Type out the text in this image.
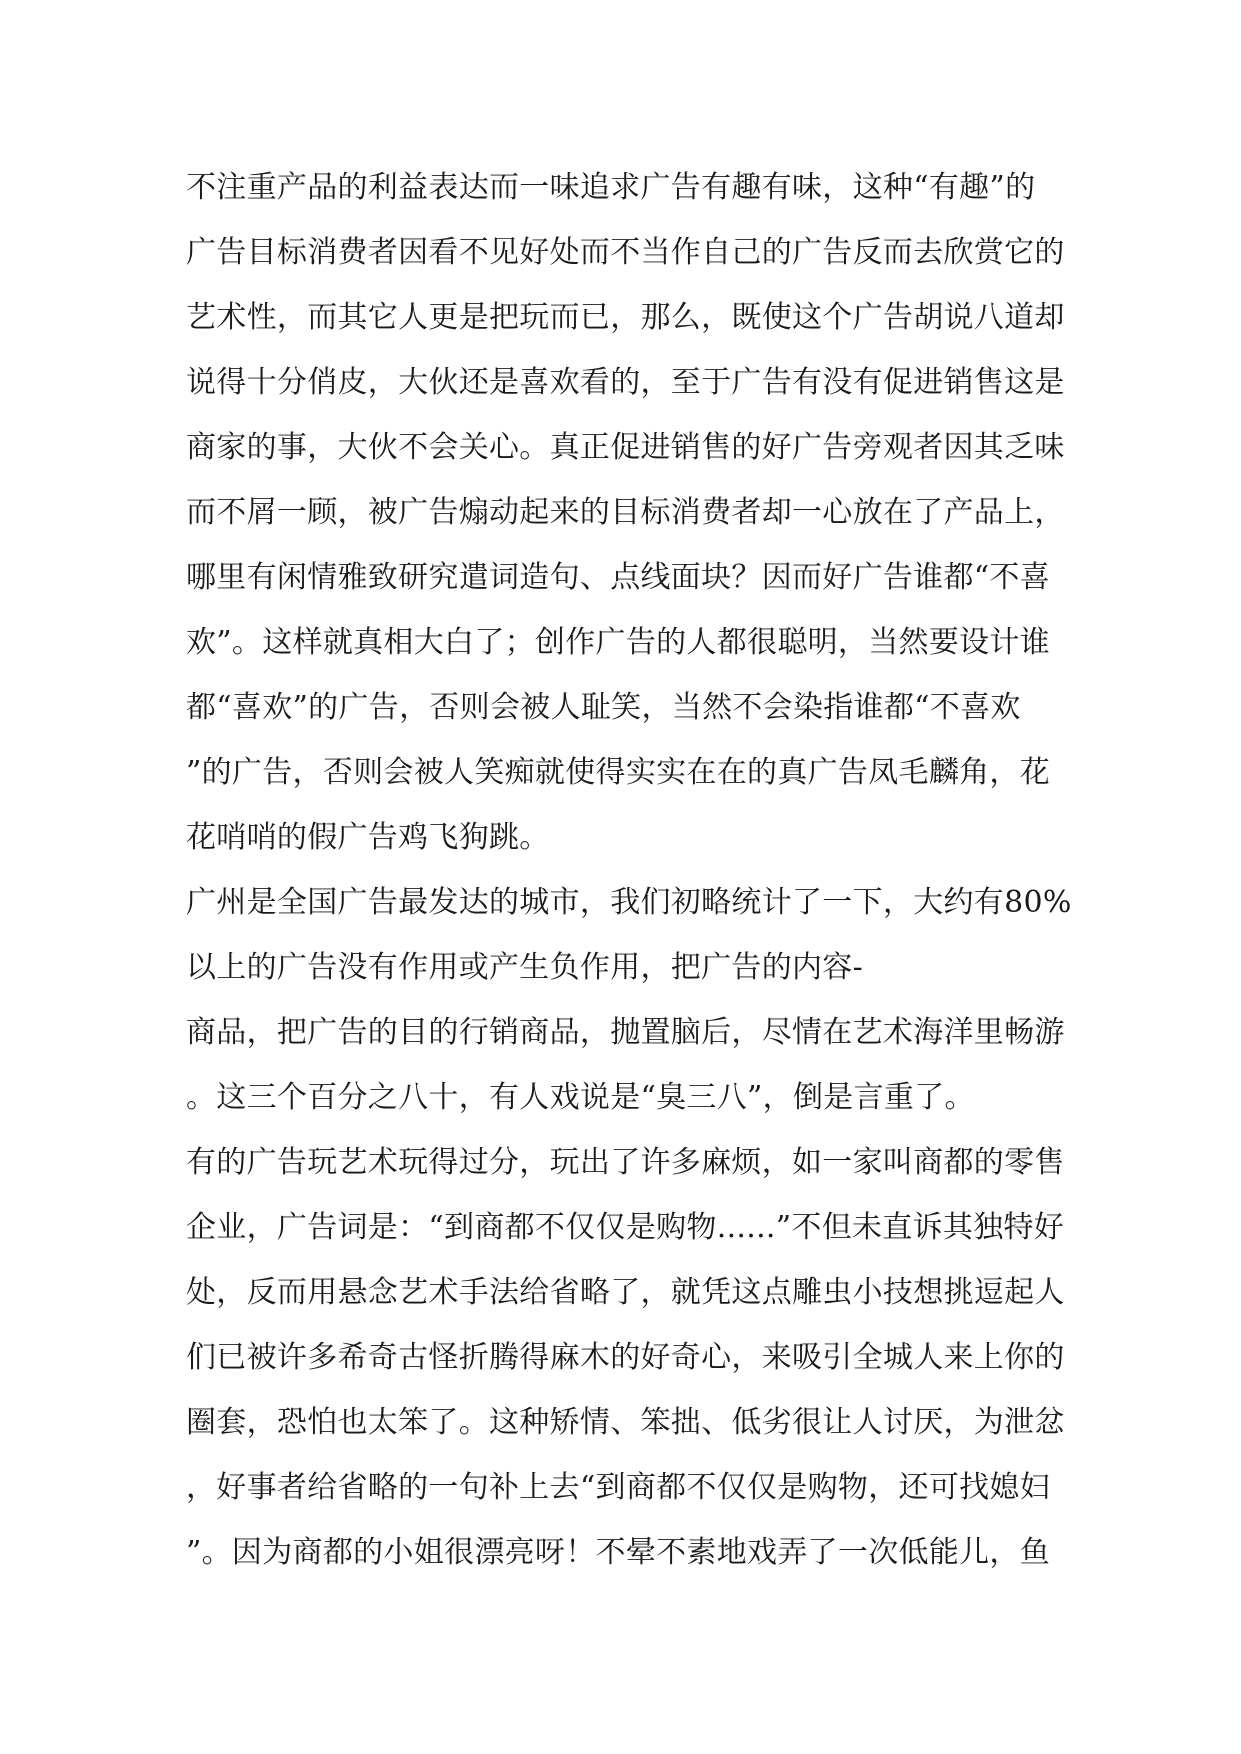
不注重产品的利益表达而一味追求广告有趣有味，这种“有趣”的
广告目标消费者因看不见好处而不当作自己的广告反而去欣赏它的
艺术性，而其它人更是把玩而已，那么，既使这个广告胡说八道却
说得十分俏皮，大伙还是喜欢看的，至于广告有没有促进销售这是
商家的事，大伙不会关心。真正促进销售的好广告旁观者因其乏味
而不屑一顾，被广告煽动起来的目标消费者却一心放在了产品上，
哪里有闲情雅致研究遣词造句、点线面块？因而好广告谁都“不喜
欢”。这样就真相大白了；创作广告的人都很聪明，当然要设计谁
都“喜欢”的广告，否则会被人耻笑，当然不会染指谁都“不喜欢
”的广告，否则会被人笑痴就使得实实在在的真广告凤毛麟角，花
花哨哨的假广告鸡飞狗跳。
广州是全国广告最发达的城市，我们初略统计了一下，大约有80%
以上的广告没有作用或产生负作用，把广告的内容-
商品，把广告的目的行销商品，抛置脑后，尽情在艺术海洋里畅游
。这三个百分之八十，有人戏说是“臭三八”，倒是言重了。
有的广告玩艺术玩得过分，玩出了许多麻烦，如一家叫商都的零售
企业，广告词是：“到商都不仅仅是购物......”不但未直诉其独特好
处，反而用悬念艺术手法给省略了，就凭这点雕虫小技想挑逗起人
们已被许多希奇古怪折腾得麻木的好奇心，来吸引全城人来上你的
圈套，恐怕也太笨了。这种矫情、笨拙、低劣很让人讨厌，为泄忿
，好事者给省略的一句补上去“到商都不仅仅是购物，还可找媳妇
”。因为商都的小姐很漂亮呀！不晕不素地戏弄了一次低能儿，鱼
